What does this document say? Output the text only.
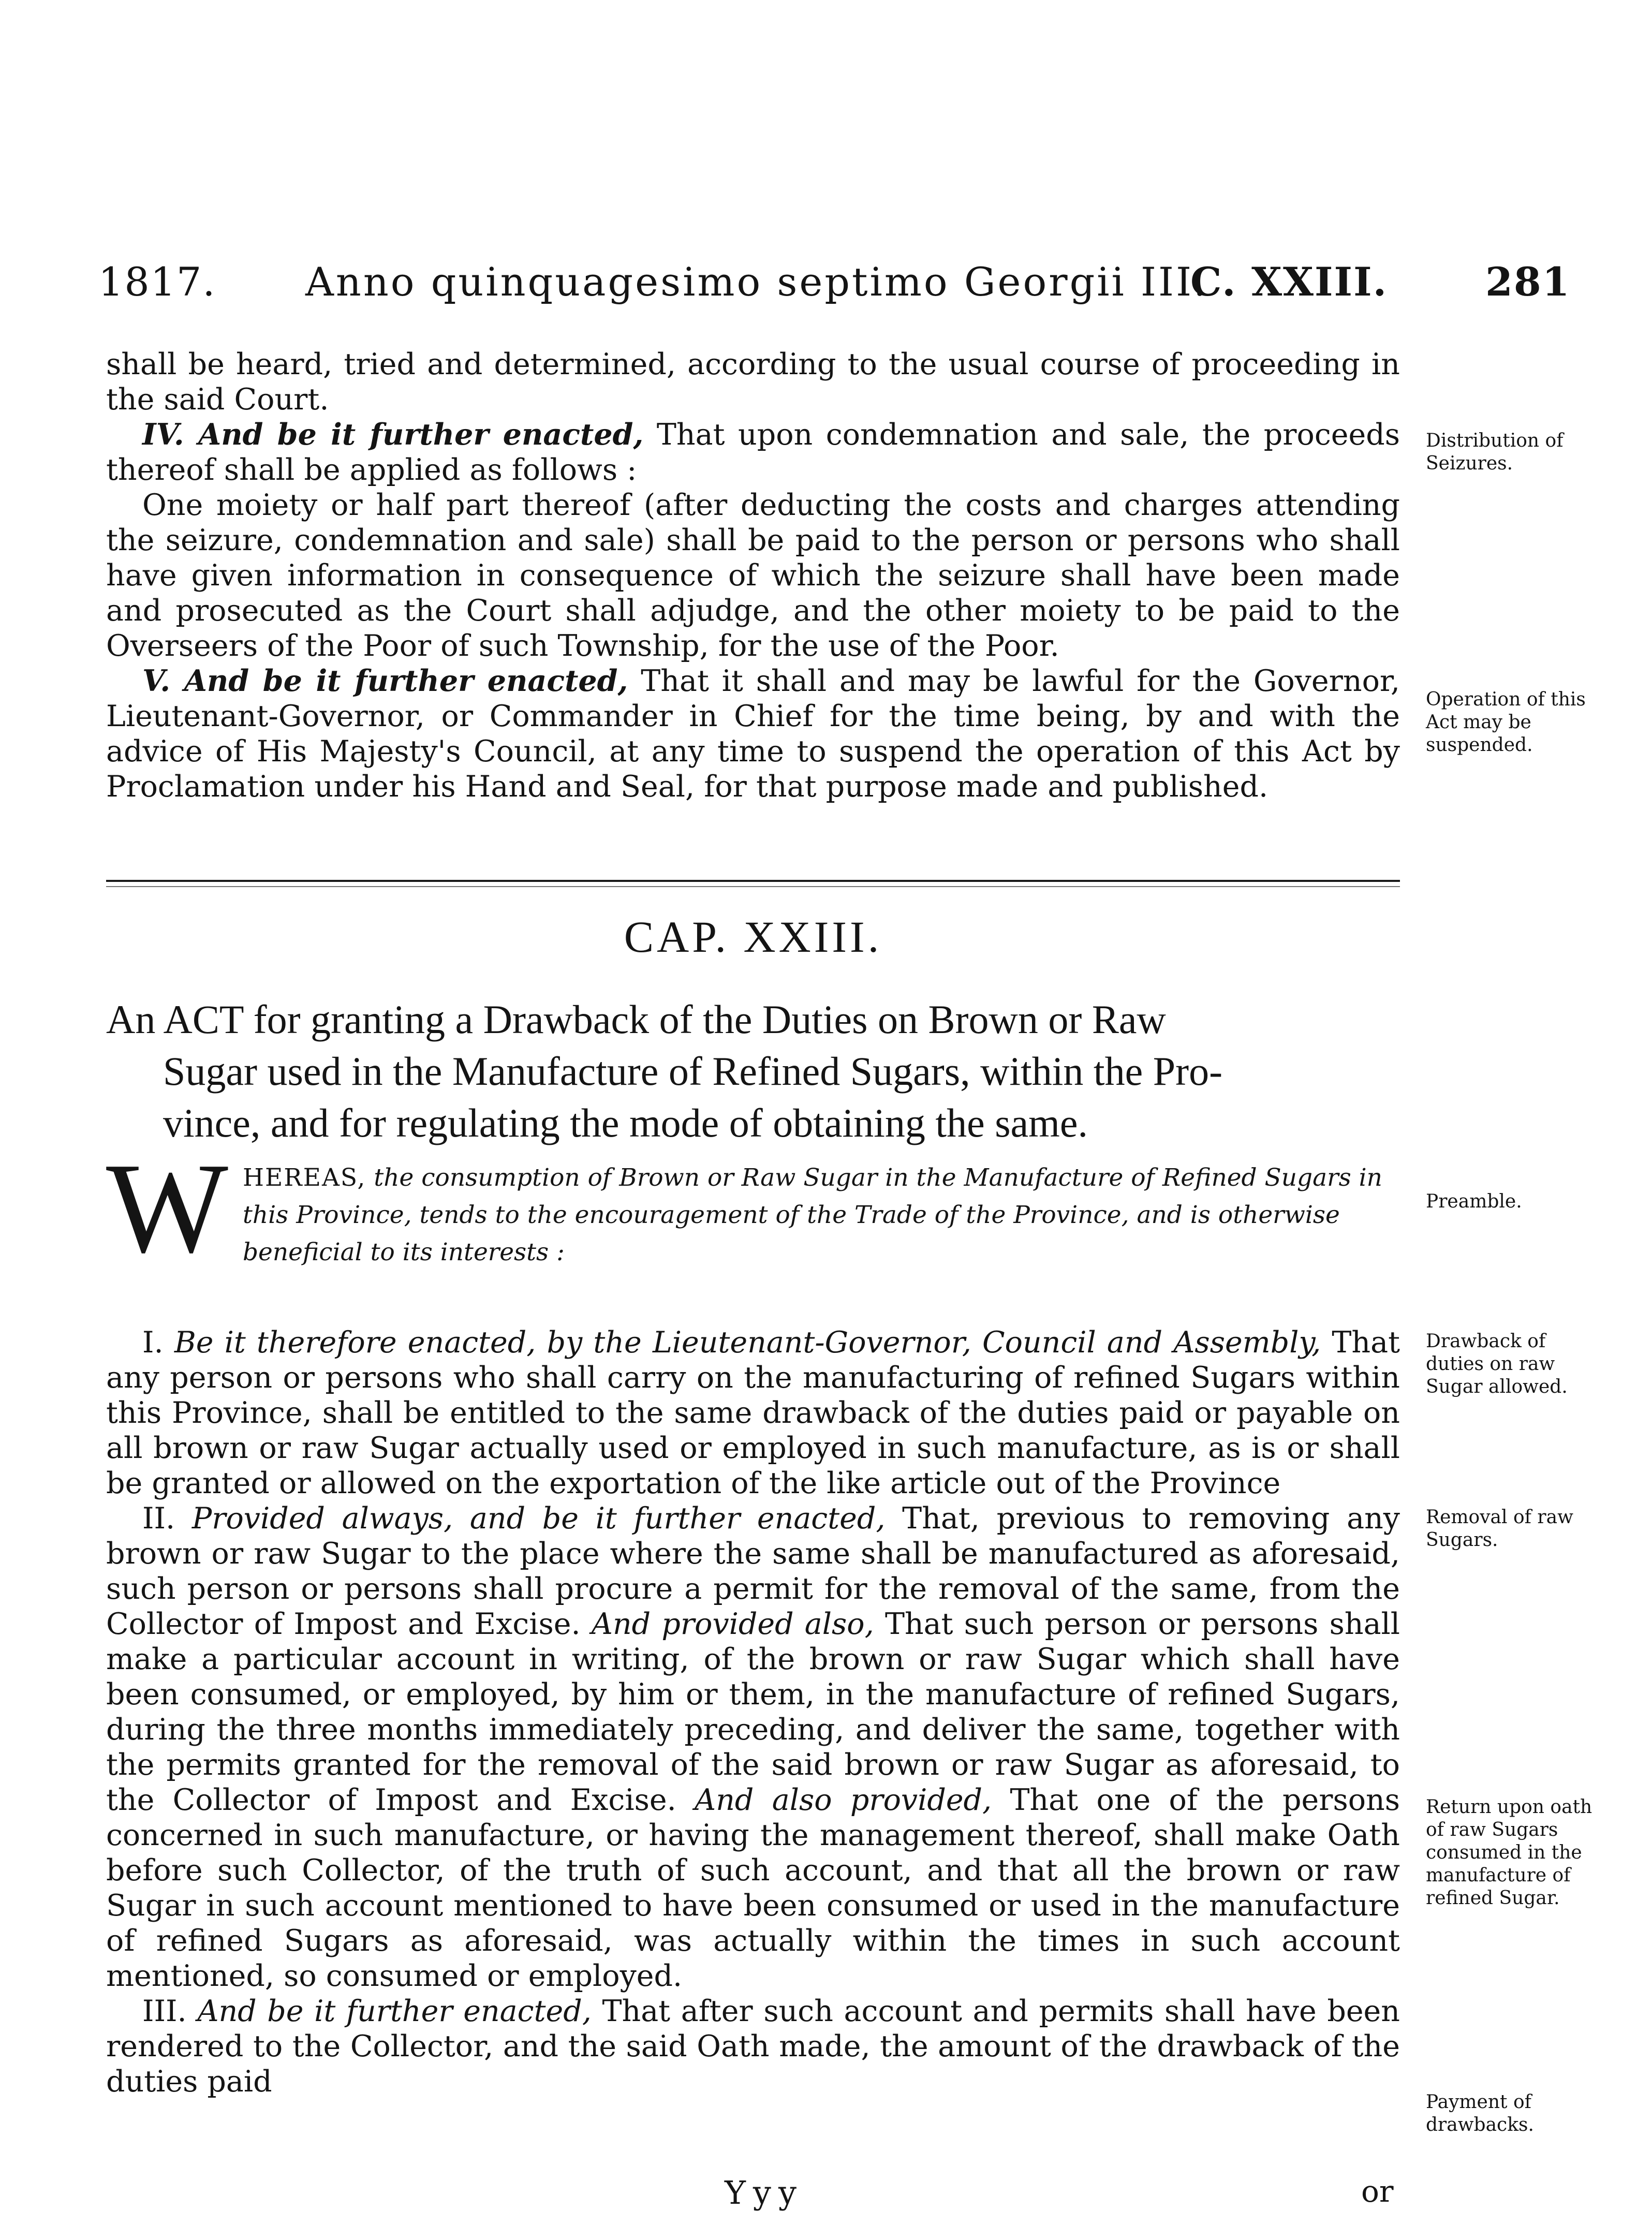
1817. Anno quinquagesimo septimo Georgii III.
C. XXIII. 281

shall be heard, tried and determined, according to the usual course of proceeding in the said Court.

IV. And be it further enacted, That upon condemnation and sale, the proceeds thereof shall be applied as follows :

One moiety or half part thereof (after deducting the costs and charges attending the seizure, condemnation and sale) shall be paid to the person or persons who shall have given information in consequence of which the seizure shall have been made and prosecuted as the Court shall adjudge, and the other moiety to be paid to the Overseers of the Poor of such Township, for the use of the Poor.

V. And be it further enacted, That it shall and may be lawful for the Governor, Lieutenant-Governor, or Commander in Chief for the time being, by and with the advice of His Majesty's Council, at any time to suspend the operation of this Act by Proclamation under his Hand and Seal, for that purpose made and published.

CAP. XXIII.
An ACT for granting a Drawback of the Duties on Brown or Raw
Sugar used in the Manufacture of Refined Sugars, within the Pro-
vince, and for regulating the mode of obtaining the same.
WHEREAS, the consumption of Brown or Raw Sugar in the Manufacture of Refined Sugars in this Province, tends to the encouragement of the Trade of the Province, and is otherwise beneficial to its interests :

I. Be it therefore enacted, by the Lieutenant-Governor, Council and Assembly, That any person or persons who shall carry on the manufacturing of refined Sugars within this Province, shall be entitled to the same drawback of the duties paid or payable on all brown or raw Sugar actually used or employed in such manufacture, as is or shall be granted or allowed on the exportation of the like article out of the Province

II. Provided always, and be it further enacted, That, previous to removing any brown or raw Sugar to the place where the same shall be manufactured as aforesaid, such person or persons shall procure a permit for the removal of the same, from the Collector of Impost and Excise. And provided also, That such person or persons shall make a particular account in writing, of the brown or raw Sugar which shall have been consumed, or employed, by him or them, in the manufacture of refined Sugars, during the three months immediately preceding, and deliver the same, together with the permits granted for the removal of the said brown or raw Sugar as aforesaid, to the Collector of Impost and Excise. And also provided, That one of the persons concerned in such manufacture, or having the management thereof, shall make Oath before such Collector, of the truth of such account, and that all the brown or raw Sugar in such account mentioned to have been consumed or used in the manufacture of refined Sugars as aforesaid, was actually within the times in such account mentioned, so consumed or employed.

III. And be it further enacted, That after such account and permits shall have been rendered to the Collector, and the said Oath made, the amount of the drawback of the duties paid

Distribution of Seizures.
Operation of this Act may be suspended.
Preamble.
Drawback of duties on raw Sugar allowed.
Removal of raw Sugars.
Return upon oath of raw Sugars consumed in the manufacture of refined Sugar.
Payment of drawbacks.
Yyy	or
